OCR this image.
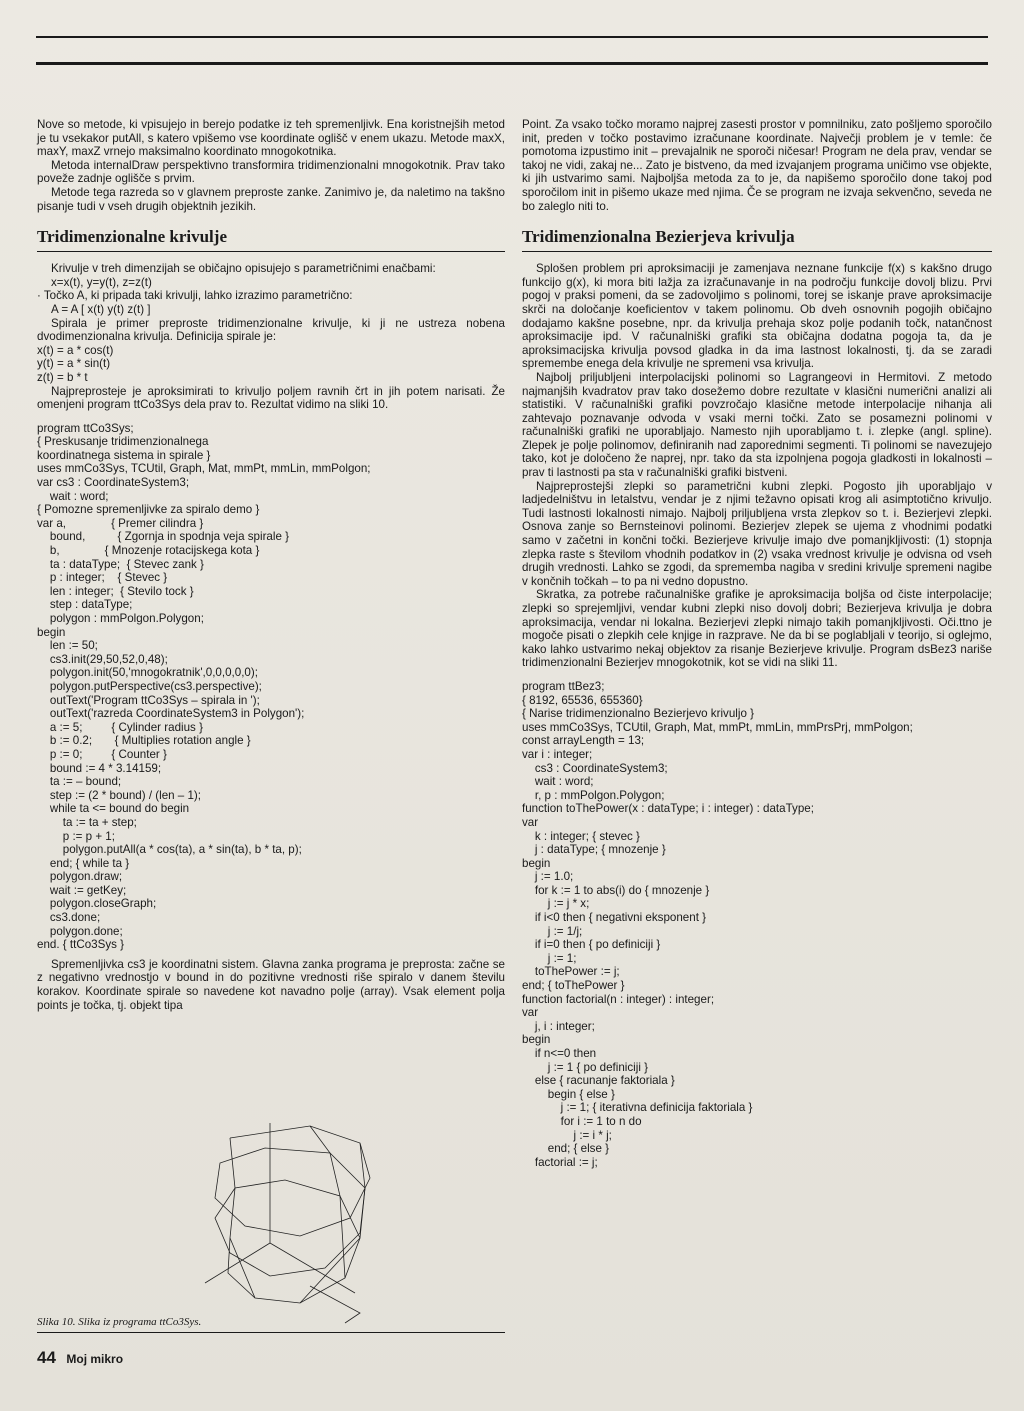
Nove so metode, ki vpisujejo in berejo podatke iz teh spremenljivk. Ena koristnejših metod je tu vsekakor putAll, s katero vpišemo vse koordinate oglišč v enem ukazu. Metode maxX, maxY, maxZ vrnejo maksimalno koordinato mnogokotnika.

Metoda internalDraw perspektivno transformira tridimenzionalni mnogokotnik. Prav tako poveže zadnje oglišče s prvim.

Metode tega razreda so v glavnem preproste zanke. Zanimivo je, da naletimo na takšno pisanje tudi v vseh drugih objektnih jezikih.

Tridimenzionalne krivulje

Krivulje v treh dimenzijah se običajno opisujejo s parametričnimi enačbami:

x=x(t), y=y(t), z=z(t)

· Točko A, ki pripada taki krivulji, lahko izrazimo parametrično:

A = A [ x(t) y(t) z(t) ]

Spirala je primer preproste tridimenzionalne krivulje, ki ji ne ustreza nobena dvodimenzionalna krivulja. Definicija spirale je:

x(t) = a * cos(t)

y(t) = a * sin(t)

z(t) = b * t

Najpreprosteje je aproksimirati to krivuljo poljem ravnih črt in jih potem narisati. Že omenjeni program ttCo3Sys dela prav to. Rezultat vidimo na sliki 10.

program ttCo3Sys;
{ Preskusanje tridimenzionalnega
koordinatnega sistema in spirale }
uses mmCo3Sys, TCUtil, Graph, Mat, mmPt, mmLin, mmPolgon;
var cs3 : CoordinateSystem3;
wait : word;
{ Pomozne spremenljivke za spiralo demo }
var a,              { Premer cilindra }
bound,          { Zgornja in spodnja veja spirale }
b,              { Mnozenje rotacijskega kota }
ta : dataType;  { Stevec zank }
p : integer;    { Stevec }
len : integer;  { Stevilo tock }
step : dataType;
polygon : mmPolgon.Polygon;
begin
len := 50;
cs3.init(29,50,52,0,48);
polygon.init(50,'mnogokratnik',0,0,0,0,0);
polygon.putPerspective(cs3.perspective);
outText('Program ttCo3Sys – spirala in ');
outText('razreda CoordinateSystem3 in Polygon');
a := 5;         { Cylinder radius }
b := 0.2;       { Multiplies rotation angle }
p := 0;         { Counter }
bound := 4 * 3.14159;
ta := – bound;
step := (2 * bound) / (len – 1);
while ta <= bound do begin
ta := ta + step;
p := p + 1;
polygon.putAll(a * cos(ta), a * sin(ta), b * ta, p);
end; { while ta }
polygon.draw;
wait := getKey;
polygon.closeGraph;
cs3.done;
polygon.done;
end. { ttCo3Sys }

Spremenljivka cs3 je koordinatni sistem. Glavna zanka programa je preprosta: začne se z negativno vrednostjo v bound in do pozitivne vrednosti riše spiralo v danem številu korakov. Koordinate spirale so navedene kot navadno polje (array). Vsak element polja points je točka, tj. objekt tipa

Slika 10. Slika iz programa ttCo3Sys.
44 Moj mikro

Point. Za vsako točko moramo najprej zasesti prostor v pomnilniku, zato pošljemo sporočilo init, preden v točko postavimo izračunane koordinate. Največji problem je v temle: če pomotoma izpustimo init – prevajalnik ne sporoči ničesar! Program ne dela prav, vendar se takoj ne vidi, zakaj ne... Zato je bistveno, da med izvajanjem programa uničimo vse objekte, ki jih ustvarimo sami. Najboljša metoda za to je, da napišemo sporočilo done takoj pod sporočilom init in pišemo ukaze med njima. Če se program ne izvaja sekvenčno, seveda ne bo zaleglo niti to.

Tridimenzionalna Bezierjeva krivulja

Splošen problem pri aproksimaciji je zamenjava neznane funkcije f(x) s kakšno drugo funkcijo g(x), ki mora biti lažja za izračunavanje in na področju funkcije dovolj blizu. Prvi pogoj v praksi pomeni, da se zadovoljimo s polinomi, torej se iskanje prave aproksimacije skrči na določanje koeficientov v takem polinomu. Ob dveh osnovnih pogojih običajno dodajamo kakšne posebne, npr. da krivulja prehaja skoz polje podanih točk, natančnost aproksimacije ipd. V računalniški grafiki sta običajna dodatna pogoja ta, da je aproksimacijska krivulja povsod gladka in da ima lastnost lokalnosti, tj. da se zaradi spremembe enega dela krivulje ne spremeni vsa krivulja.

Najbolj priljubljeni interpolacijski polinomi so Lagrangeovi in Hermitovi. Z metodo najmanjših kvadratov prav tako dosežemo dobre rezultate v klasični numerični analizi ali statistiki. V računalniški grafiki povzročajo klasične metode interpolacije nihanja ali zahtevajo poznavanje odvoda v vsaki merni točki. Zato se posamezni polinomi v računalniški grafiki ne uporabljajo. Namesto njih uporabljamo t. i. zlepke (angl. spline). Zlepek je polje polinomov, definiranih nad zaporednimi segmenti. Ti polinomi se navezujejo tako, kot je določeno že naprej, npr. tako da sta izpolnjena pogoja gladkosti in lokalnosti – prav ti lastnosti pa sta v računalniški grafiki bistveni.

Najpreprostejši zlepki so parametrični kubni zlepki. Pogosto jih uporabljajo v ladjedelništvu in letalstvu, vendar je z njimi težavno opisati krog ali asimptotično krivuljo. Tudi lastnosti lokalnosti nimajo. Najbolj priljubljena vrsta zlepkov so t. i. Bezierjevi zlepki. Osnova zanje so Bernsteinovi polinomi. Bezierjev zlepek se ujema z vhodnimi podatki samo v začetni in končni točki. Bezierjeve krivulje imajo dve pomanjkljivosti: (1) stopnja zlepka raste s številom vhodnih podatkov in (2) vsaka vrednost krivulje je odvisna od vseh drugih vrednosti. Lahko se zgodi, da sprememba nagiba v sredini krivulje spremeni nagibe v končnih točkah – to pa ni vedno dopustno.

Skratka, za potrebe računalniške grafike je aproksimacija boljša od čiste interpolacije; zlepki so sprejemljivi, vendar kubni zlepki niso dovolj dobri; Bezierjeva krivulja je dobra aproksimacija, vendar ni lokalna. Bezierjevi zlepki nimajo takih pomanjkljivosti. Oči.ttno je mogoče pisati o zlepkih cele knjige in razprave. Ne da bi se poglabljali v teorijo, si oglejmo, kako lahko ustvarimo nekaj objektov za risanje Bezierjeve krivulje. Program dsBez3 nariše tridimenzionalni Bezierjev mnogokotnik, kot se vidi na sliki 11.

program ttBez3;
{ 8192, 65536, 655360}
{ Narise tridimenzionalno Bezierjevo krivuljo }
uses mmCo3Sys, TCUtil, Graph, Mat, mmPt, mmLin, mmPrsPrj, mmPolgon;
const arrayLength = 13;
var i : integer;
cs3 : CoordinateSystem3;
wait : word;
r, p : mmPolgon.Polygon;
function toThePower(x : dataType; i : integer) : dataType;
var
k : integer; { stevec }
j : dataType; { mnozenje }
begin
j := 1.0;
for k := 1 to abs(i) do { mnozenje }
j := j * x;
if i<0 then { negativni eksponent }
j := 1/j;
if i=0 then { po definiciji }
j := 1;
toThePower := j;
end; { toThePower }
function factorial(n : integer) : integer;
var
j, i : integer;
begin
if n<=0 then
j := 1 { po definiciji }
else { racunanje faktoriala }
begin { else }
j := 1; { iterativna definicija faktoriala }
for i := 1 to n do
j := i * j;
end; { else }
factorial := j;
